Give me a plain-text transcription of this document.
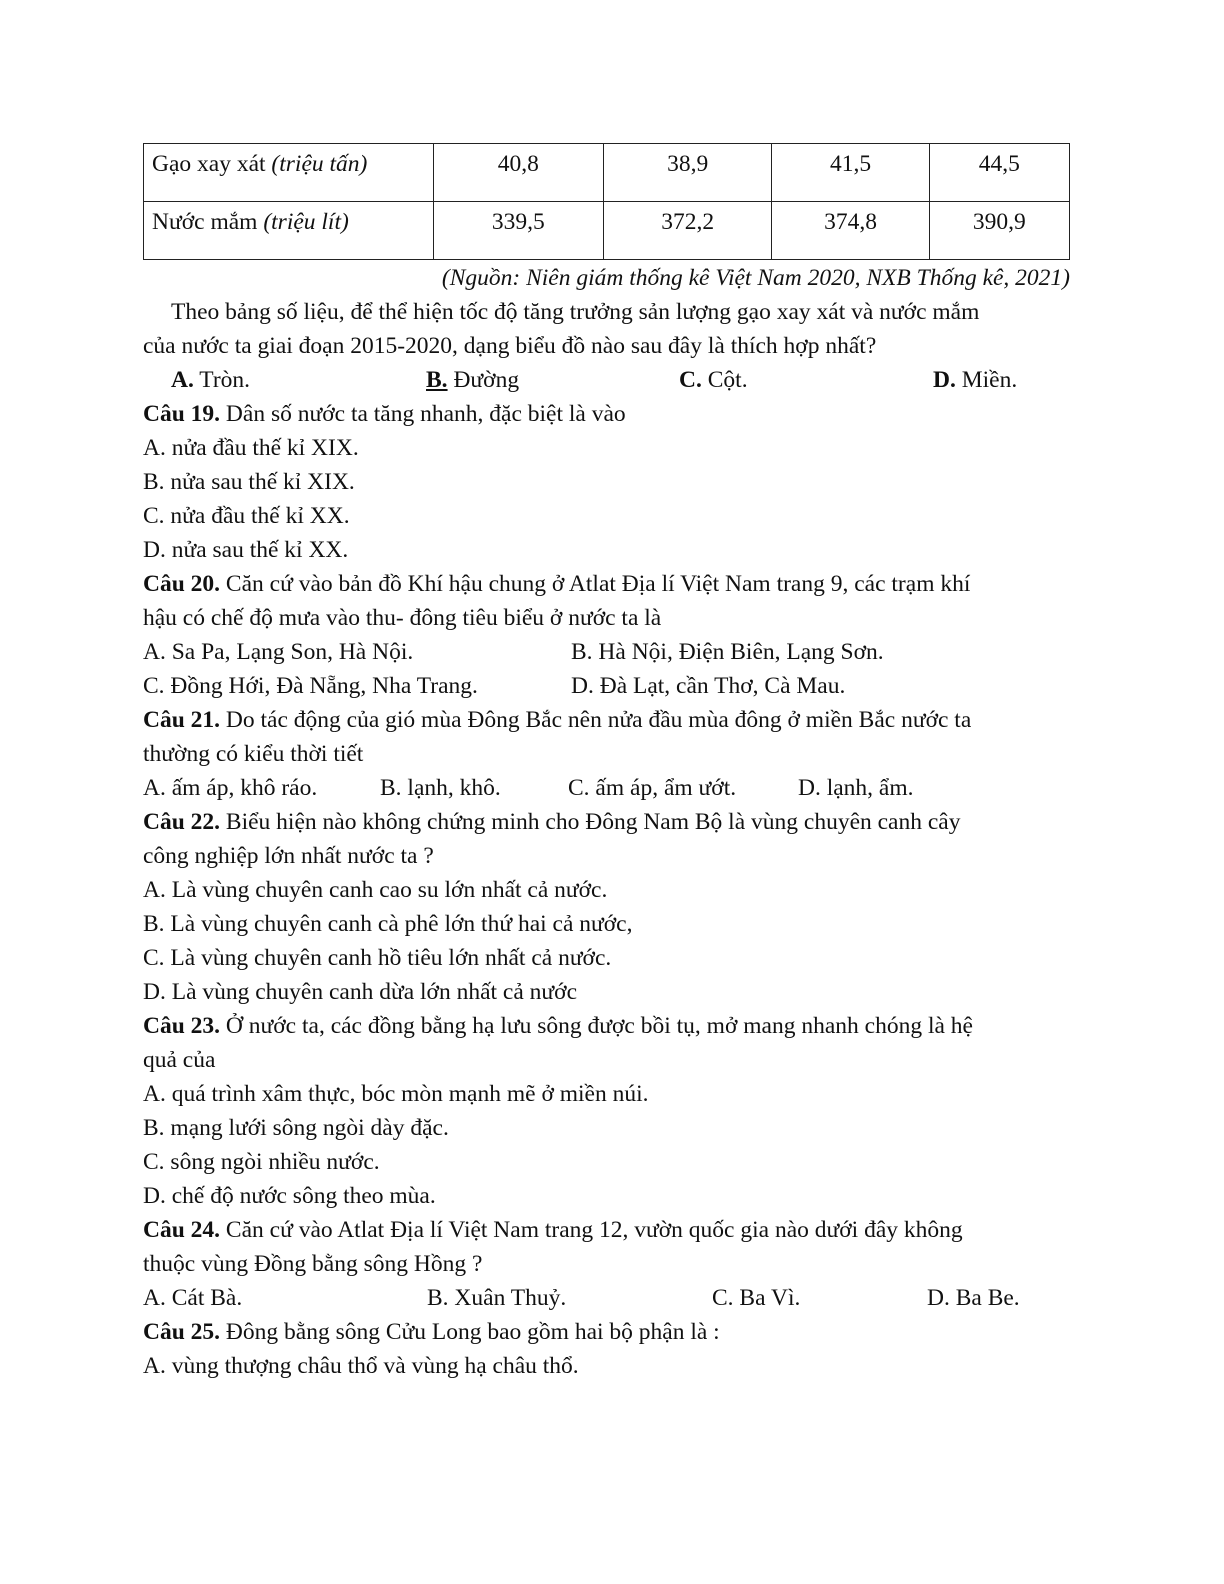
Gạo xay xát (triệu tấn)	40,8	38,9	41,5	44,5
Nước mắm (triệu lít)	339,5	372,2	374,8	390,9
(Nguồn: Niên giám thống kê Việt Nam 2020, NXB Thống kê, 2021)
Theo bảng số liệu, để thể hiện tốc độ tăng trưởng sản lượng gạo xay xát và nước mắm
của nước ta giai đoạn 2015-2020, dạng biểu đồ nào sau đây là thích hợp nhất?
A. Tròn.	B. Đường	C. Cột.	D. Miền.
Câu 19. Dân số nước ta tăng nhanh, đặc biệt là vào
A. nửa đầu thế kỉ XIX.
B. nửa sau thế kỉ XIX.
C. nửa đầu thế kỉ XX.
D. nửa sau thế kỉ XX.
Câu 20. Căn cứ vào bản đồ Khí hậu chung ở Atlat Địa lí Việt Nam trang 9, các trạm khí
hậu có chế độ mưa vào thu- đông tiêu biểu ở nước ta là
A. Sa Pa, Lạng Son, Hà Nội.	B. Hà Nội, Điện Biên, Lạng Sơn.
C. Đồng Hới, Đà Nẵng, Nha Trang.	D. Đà Lạt, cần Thơ, Cà Mau.
Câu 21. Do tác động của gió mùa Đông Bắc nên nửa đầu mùa đông ở miền Bắc nước ta
thường có kiểu thời tiết
A. ấm áp, khô ráo.	B. lạnh, khô.	C. ấm áp, ẩm ướt.	D. lạnh, ẩm.
Câu 22. Biểu hiện nào không chứng minh cho Đông Nam Bộ là vùng chuyên canh cây
công nghiệp lớn nhất nước ta ?
A. Là vùng chuyên canh cao su lớn nhất cả nước.
B. Là vùng chuyên canh cà phê lớn thứ hai cả nước,
C. Là vùng chuyên canh hồ tiêu lớn nhất cả nước.
D. Là vùng chuyên canh dừa lớn nhất cả nước
Câu 23. Ở nước ta, các đồng bằng hạ lưu sông được bồi tụ, mở mang nhanh chóng là hệ
quả của
A. quá trình xâm thực, bóc mòn mạnh mẽ ở miền núi.
B. mạng lưới sông ngòi dày đặc.
C. sông ngòi nhiều nước.
D. chế độ nước sông theo mùa.
Câu 24. Căn cứ vào Atlat Địa lí Việt Nam trang 12, vườn quốc gia nào dưới đây không
thuộc vùng Đồng bằng sông Hồng ?
A. Cát Bà.	B. Xuân Thuỷ.	C. Ba Vì.	D. Ba Be.
Câu 25. Đông bằng sông Cửu Long bao gồm hai bộ phận là :
A. vùng thượng châu thổ và vùng hạ châu thổ.
